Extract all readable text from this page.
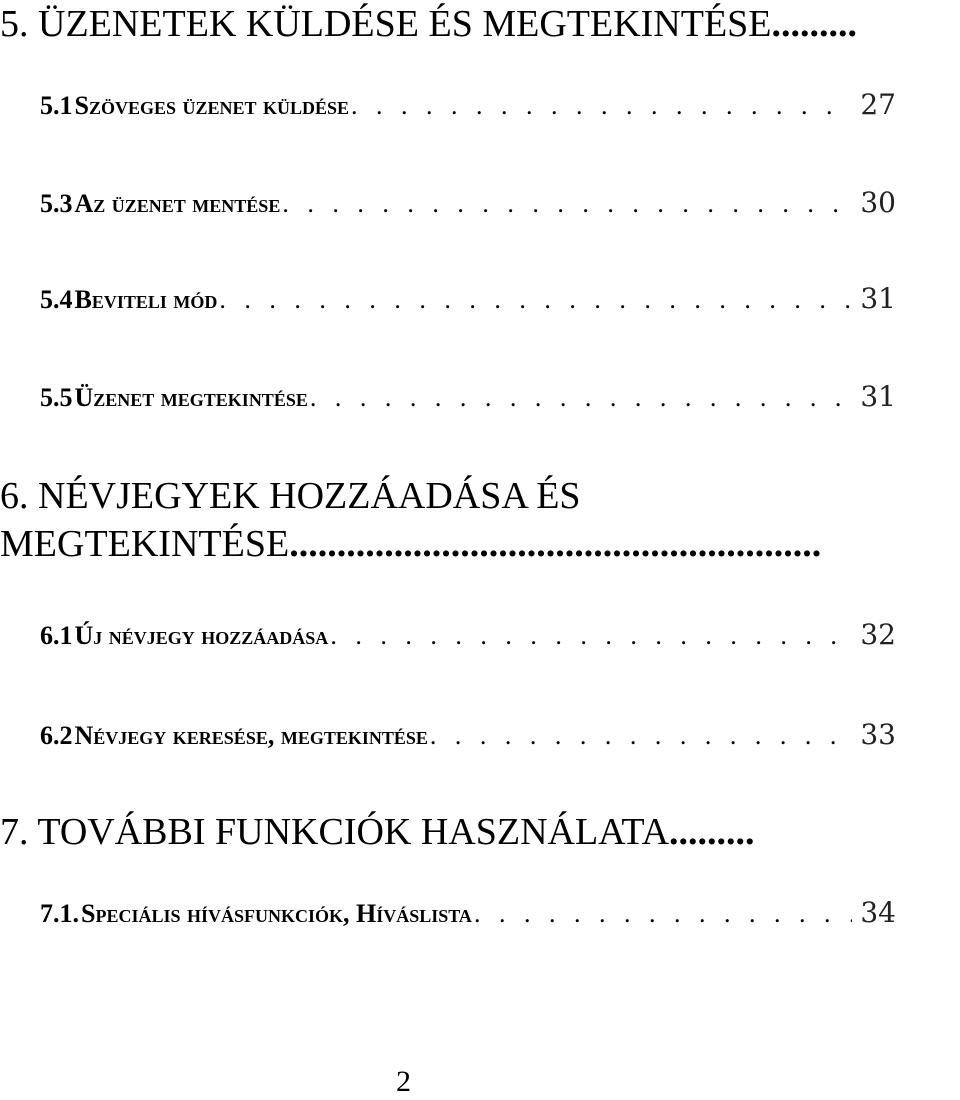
5. ÜZENETEK KÜLDÉSE ÉS MEGTEKINTÉSE.........
5.1 Szöveges üzenet küldése . . .	27
5.3 Az üzenet mentése . . .	30
5.4 Beviteli mód . . .	31
5.5 Üzenet megtekintése . . .	31
6. NÉVJEGYEK HOZZÁADÁSA ÉS
MEGTEKINTÉSE........................................................
6.1 Új névjegy hozzáadása . . .	32
6.2 Névjegy keresése, megtekintése . . .	33
7. TOVÁBBI FUNKCIÓK HASZNÁLATA.........
7.1. Speciális hívásfunkciók, Híváslista . . .	34
2
